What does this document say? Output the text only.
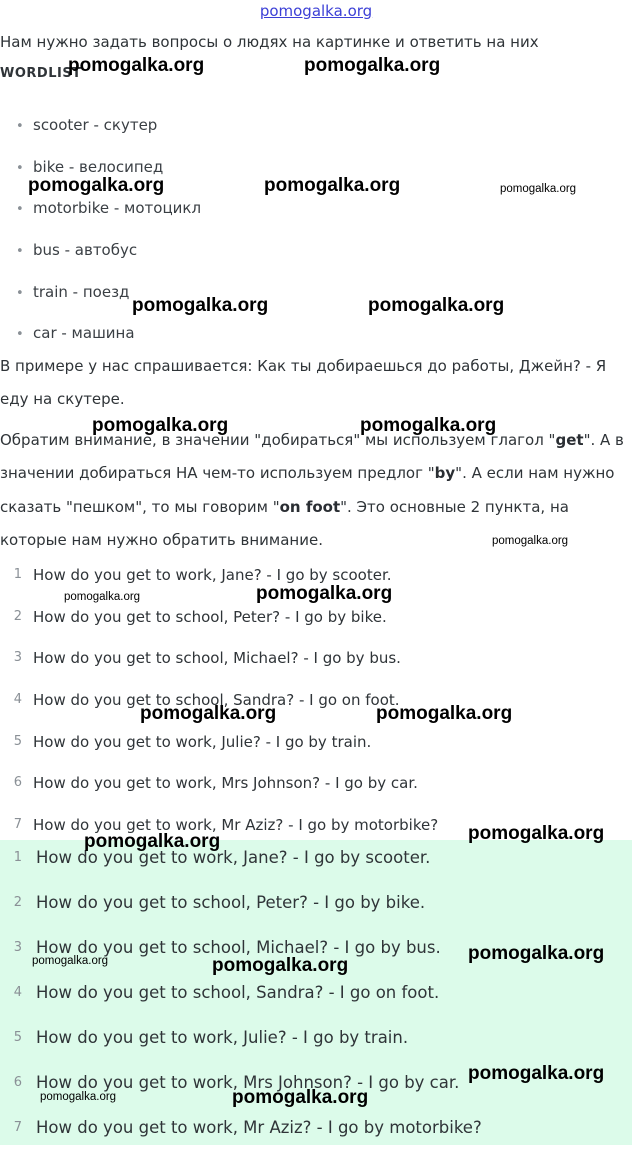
pomogalka.org
Нам нужно задать вопросы о людях на картинке и ответить на них
WORDLIST
• scooter - скутер
• bike - велосипед
• motorbike - мотоцикл
• bus - автобус
• train - поезд
• car - машина
В примере у нас спрашивается: Как ты добираешься до работы, Джейн? - Я еду на скутере.
Обратим внимание, в значении "добираться" мы используем глагол "get". А в значении добираться НА чем-то используем предлог "by". А если нам нужно сказать "пешком", то мы говорим "on foot". Это основные 2 пункта, на которые нам нужно обратить внимание.
1 How do you get to work, Jane? - I go by scooter.
2 How do you get to school, Peter? - I go by bike.
3 How do you get to school, Michael? - I go by bus.
4 How do you get to school, Sandra? - I go on foot.
5 How do you get to work, Julie? - I go by train.
6 How do you get to work, Mrs Johnson? - I go by car.
7 How do you get to work, Mr Aziz? - I go by motorbike?
1 How do you get to work, Jane? - I go by scooter.
2 How do you get to school, Peter? - I go by bike.
3 How do you get to school, Michael? - I go by bus.
4 How do you get to school, Sandra? - I go on foot.
5 How do you get to work, Julie? - I go by train.
6 How do you get to work, Mrs Johnson? - I go by car.
7 How do you get to work, Mr Aziz? - I go by motorbike?
pomogalka.org	pomogalka.org
pomogalka.org	pomogalka.org	pomogalka.org
pomogalka.org	pomogalka.org
pomogalka.org	pomogalka.org
pomogalka.org
pomogalka.org	pomogalka.org
pomogalka.org	pomogalka.org
pomogalka.org	pomogalka.org
pomogalka.org
pomogalka.org	pomogalka.org
pomogalka.org
pomogalka.org	pomogalka.org
